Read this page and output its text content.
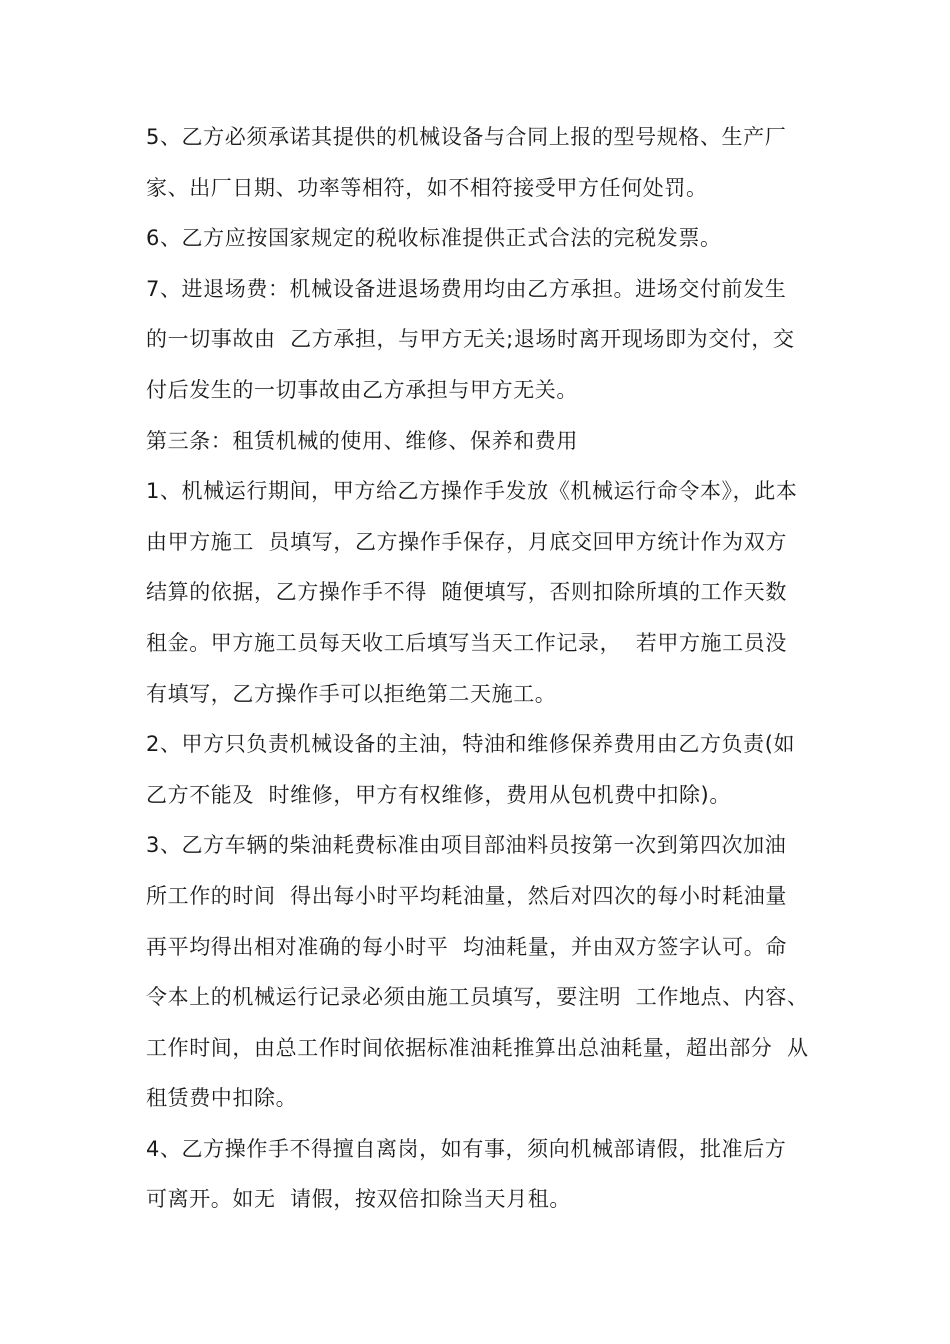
5、乙方必须承诺其提供的机械设备与合同上报的型号规格、生产厂
家、出厂日期、功率等相符，如不相符接受甲方任何处罚。
6、乙方应按国家规定的税收标准提供正式合法的完税发票。
7、进退场费：机械设备进退场费用均由乙方承担。进场交付前发生
的一切事故由  乙方承担，与甲方无关;退场时离开现场即为交付，交
付后发生的一切事故由乙方承担与甲方无关。
第三条：租赁机械的使用、维修、保养和费用
1、机械运行期间，甲方给乙方操作手发放《机械运行命令本》，此本
由甲方施工  员填写，乙方操作手保存，月底交回甲方统计作为双方
结算的依据，乙方操作手不得  随便填写，否则扣除所填的工作天数
租金。甲方施工员每天收工后填写当天工作记录，  若甲方施工员没
有填写，乙方操作手可以拒绝第二天施工。
2、甲方只负责机械设备的主油，特油和维修保养费用由乙方负责(如
乙方不能及  时维修，甲方有权维修，费用从包机费中扣除)。
3、乙方车辆的柴油耗费标准由项目部油料员按第一次到第四次加油
所工作的时间  得出每小时平均耗油量，然后对四次的每小时耗油量
再平均得出相对准确的每小时平  均油耗量，并由双方签字认可。命
令本上的机械运行记录必须由施工员填写，要注明  工作地点、内容、
工作时间，由总工作时间依据标准油耗推算出总油耗量，超出部分  从
租赁费中扣除。
4、乙方操作手不得擅自离岗，如有事，须向机械部请假，批准后方
可离开。如无  请假，按双倍扣除当天月租。
